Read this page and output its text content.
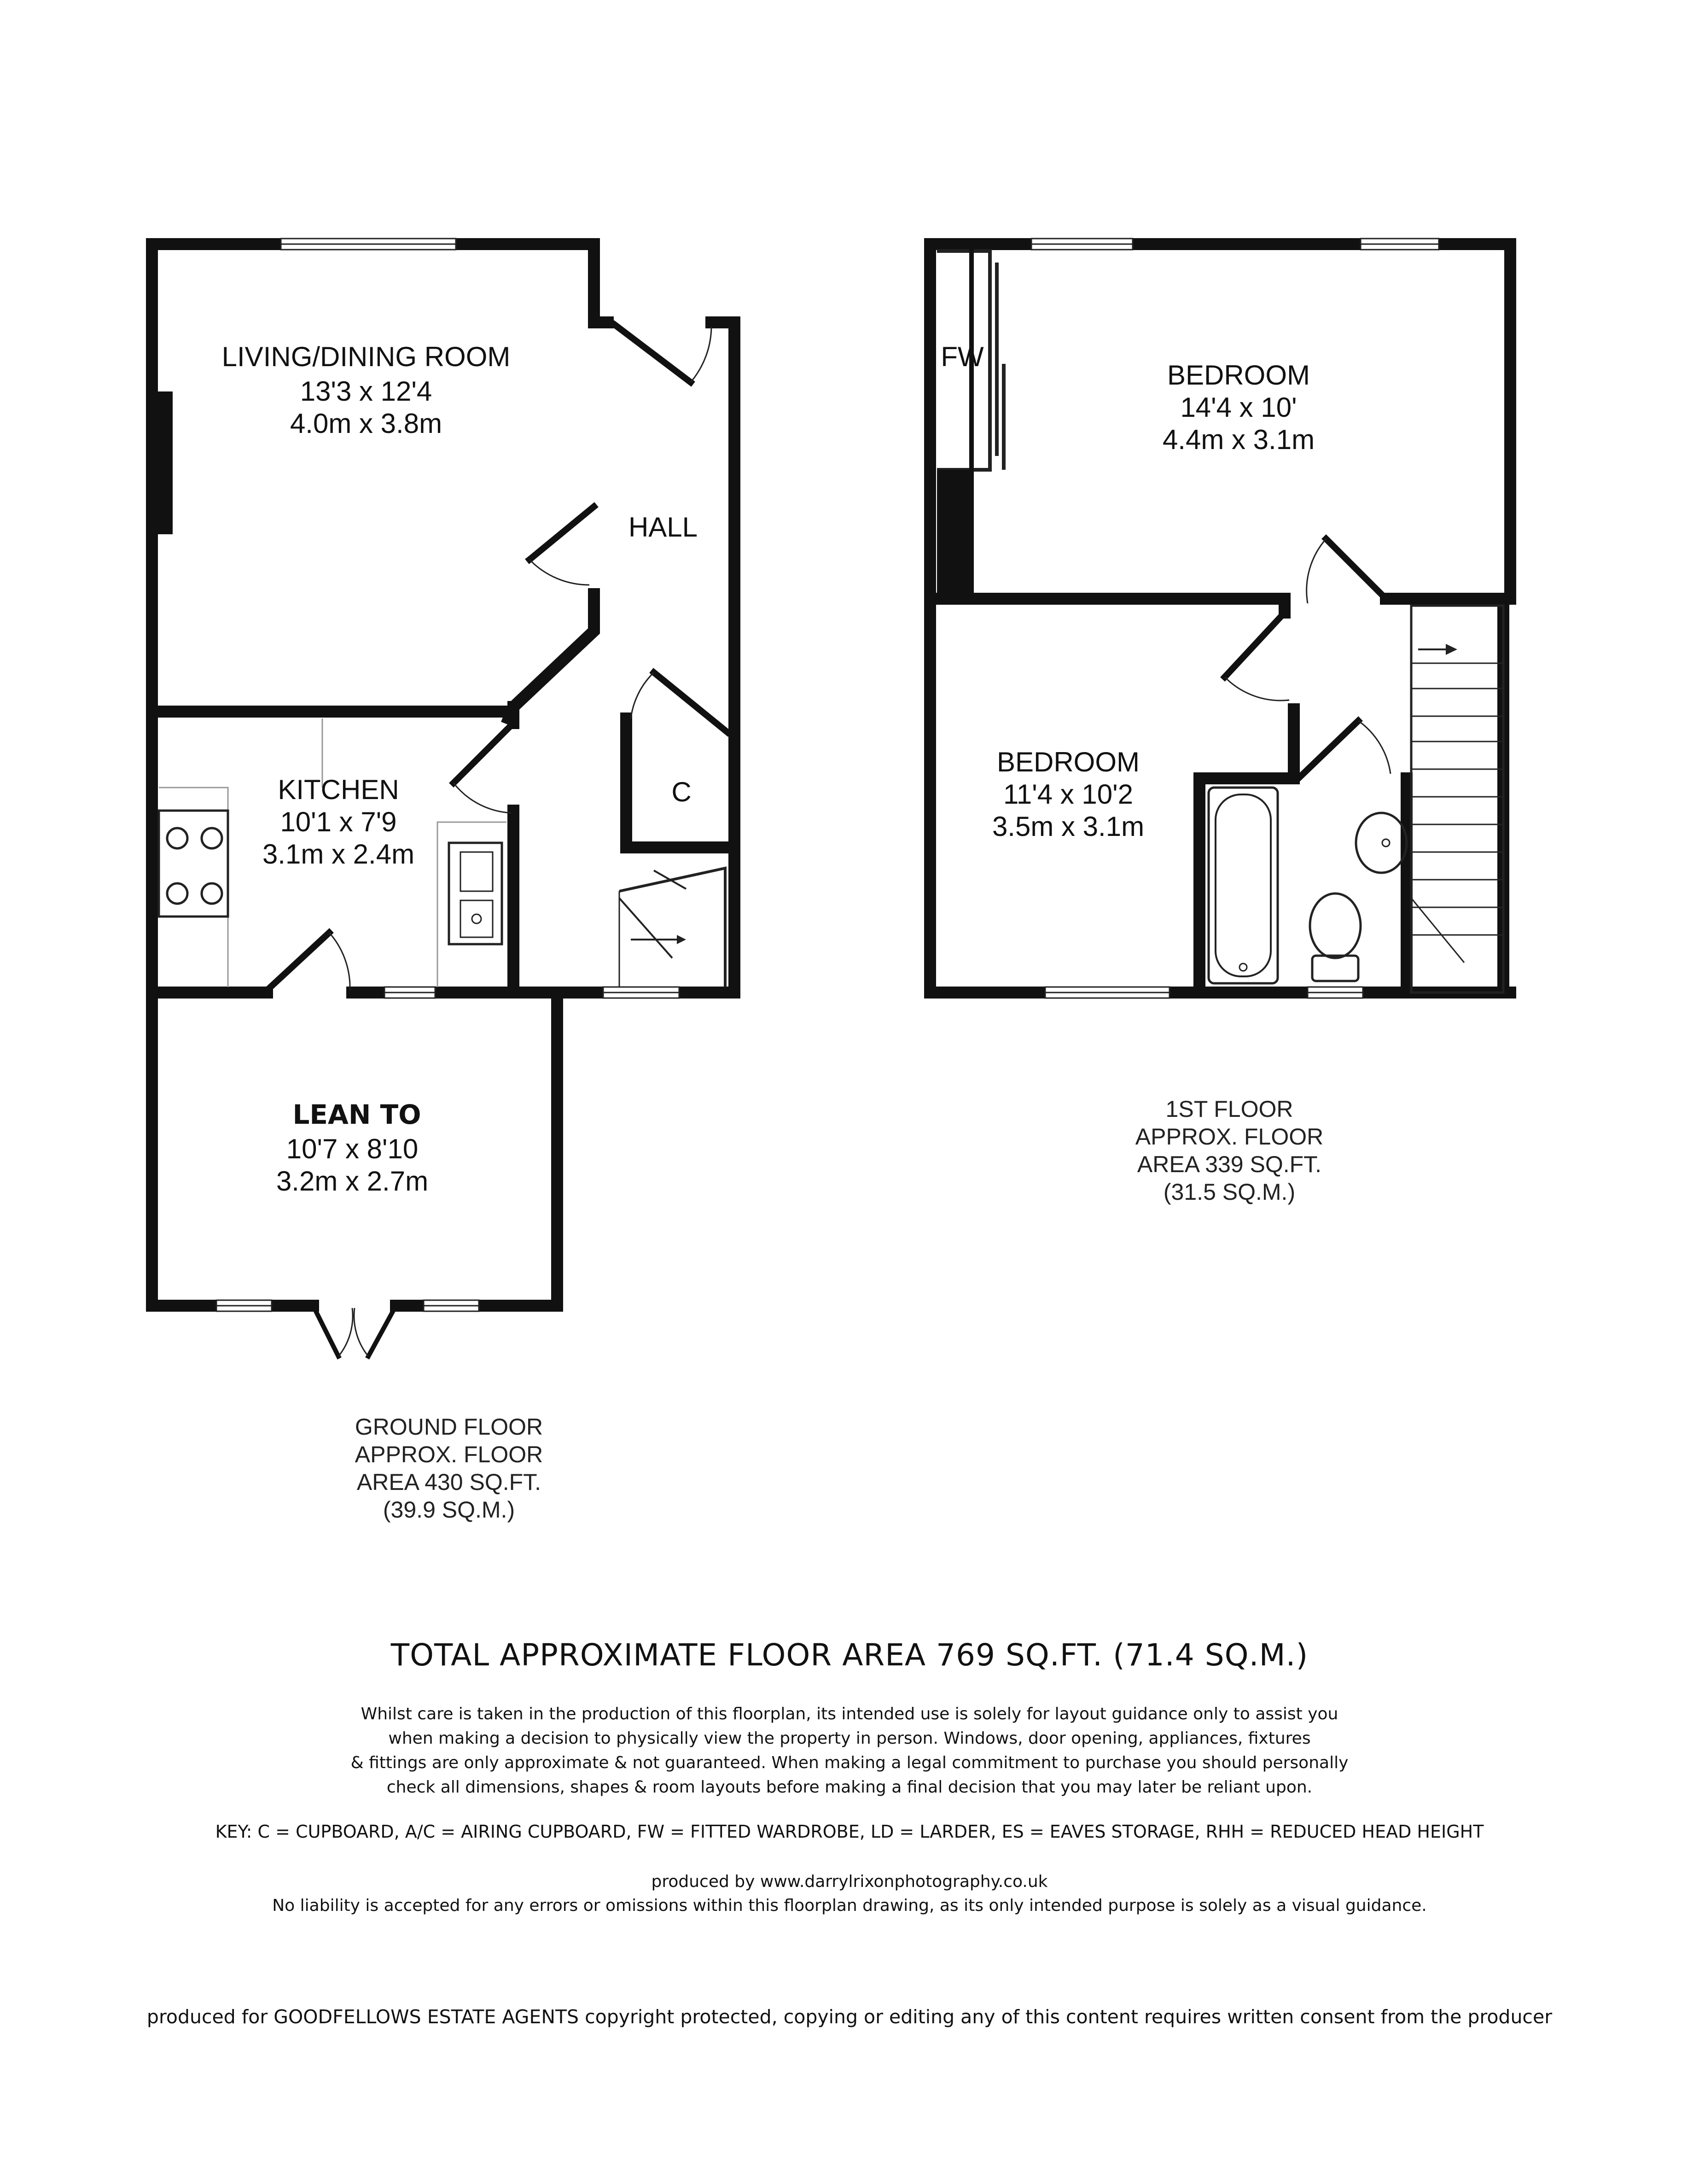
LIVING/DINING ROOM
13'3 x 12'4
4.0m x 3.8m
HALL
C
KITCHEN
10'1 x 7'9
3.1m x 2.4m
LEAN TO
10'7 x 8'10
3.2m x 2.7m
GROUND FLOOR
APPROX. FLOOR
AREA 430 SQ.FT.
(39.9 SQ.M.)
FW
BEDROOM
14'4 x 10'
4.4m x 3.1m
BEDROOM
11'4 x 10'2
3.5m x 3.1m
1ST FLOOR
APPROX. FLOOR
AREA 339 SQ.FT.
(31.5 SQ.M.)
TOTAL APPROXIMATE FLOOR AREA 769 SQ.FT. (71.4 SQ.M.)
Whilst care is taken in the production of this floorplan, its intended use is solely for layout guidance only to assist you
when making a decision to physically view the property in person. Windows, door opening, appliances, fixtures
& fittings are only approximate & not guaranteed. When making a legal commitment to purchase you should personally
check all dimensions, shapes & room layouts before making a final decision that you may later be reliant upon.
KEY: C = CUPBOARD, A/C = AIRING CUPBOARD, FW = FITTED WARDROBE, LD = LARDER, ES = EAVES STORAGE, RHH = REDUCED HEAD HEIGHT
produced by www.darrylrixonphotography.co.uk
No liability is accepted for any errors or omissions within this floorplan drawing, as its only intended purpose is solely as a visual guidance.
produced for GOODFELLOWS ESTATE AGENTS copyright protected, copying or editing any of this content requires written consent from the producer
